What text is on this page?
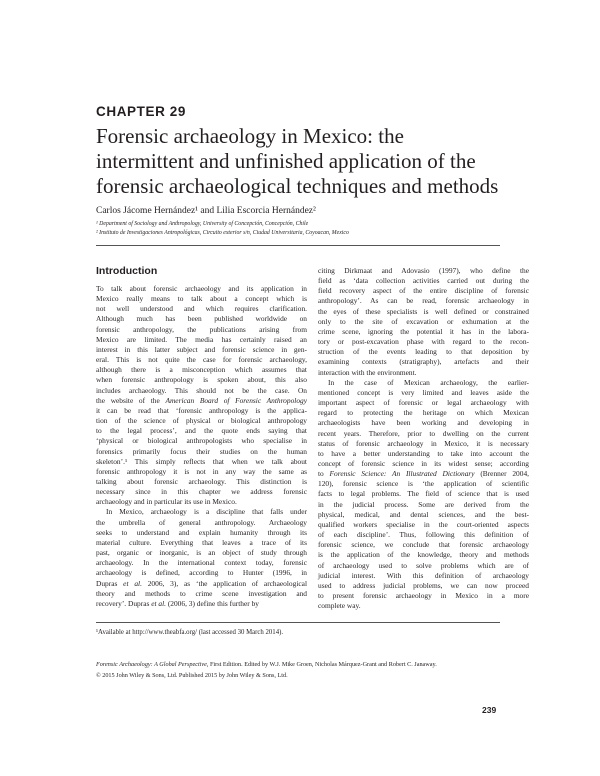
CHAPTER 29
Forensic archaeology in Mexico: the
intermittent and unfinished application of the
forensic archaeological techniques and methods
Carlos Jácome Hernández¹ and Lilia Escorcia Hernández²
¹ Department of Sociology and Anthropology, University of Concepción, Concepción, Chile
² Instituto de Investigaciones Antropológicas, Circuito exterior s/n, Ciudad Universitaria, Coyoacan, Mexico
Introduction
To talk about forensic archaeology and its application in
Mexico really means to talk about a concept which is
not well understood and which requires clarification.
Although much has been published worldwide on
forensic anthropology, the publications arising from
Mexico are limited. The media has certainly raised an
interest in this latter subject and forensic science in gen-
eral. This is not quite the case for forensic archaeology,
although there is a misconception which assumes that
when forensic anthropology is spoken about, this also
includes archaeology. This should not be the case. On
the website of the American Board of Forensic Anthropology
it can be read that ‘forensic anthropology is the applica-
tion of the science of physical or biological anthropology
to the legal process’, and the quote ends saying that
‘physical or biological anthropologists who specialise in
forensics primarily focus their studies on the human
skeleton’.¹ This simply reflects that when we talk about
forensic anthropology it is not in any way the same as
talking about forensic archaeology. This distinction is
necessary since in this chapter we address forensic
archaeology and in particular its use in Mexico.
In Mexico, archaeology is a discipline that falls under
the umbrella of general anthropology. Archaeology
seeks to understand and explain humanity through its
material culture. Everything that leaves a trace of its
past, organic or inorganic, is an object of study through
archaeology. In the international context today, forensic
archaeology is defined, according to Hunter (1996, in
Dupras et al. 2006, 3), as ‘the application of archaeological
theory and methods to crime scene investigation and
recovery’. Dupras et al. (2006, 3) define this further by
citing Dirkmaat and Adovasio (1997), who define the
field as ‘data collection activities carried out during the
field recovery aspect of the entire discipline of forensic
anthropology’. As can be read, forensic archaeology in
the eyes of these specialists is well defined or constrained
only to the site of excavation or exhumation at the
crime scene, ignoring the potential it has in the labora-
tory or post-excavation phase with regard to the recon-
struction of the events leading to that deposition by
examining contexts (stratigraphy), artefacts and their
interaction with the environment.
In the case of Mexican archaeology, the earlier-
mentioned concept is very limited and leaves aside the
important aspect of forensic or legal archaeology with
regard to protecting the heritage on which Mexican
archaeologists have been working and developing in
recent years. Therefore, prior to dwelling on the current
status of forensic archaeology in Mexico, it is necessary
to have a better understanding to take into account the
concept of forensic science in its widest sense; according
to Forensic Science: An Illustrated Dictionary (Brenner 2004,
120), forensic science is ‘the application of scientific
facts to legal problems. The field of science that is used
in the judicial process. Some are derived from the
physical, medical, and dental sciences, and the best-
qualified workers specialise in the court-oriented aspects
of each discipline’. Thus, following this definition of
forensic science, we conclude that forensic archaeology
is the application of the knowledge, theory and methods
of archaeology used to solve problems which are of
judicial interest. With this definition of archaeology
used to address judicial problems, we can now proceed
to present forensic archaeology in Mexico in a more
complete way.
¹Available at http://www.theabfa.org/ (last accessed 30 March 2014).
Forensic Archaeology: A Global Perspective, First Edition. Edited by W.J. Mike Groen, Nicholas Márquez-Grant and Robert C. Janaway.
© 2015 John Wiley & Sons, Ltd. Published 2015 by John Wiley & Sons, Ltd.
239
